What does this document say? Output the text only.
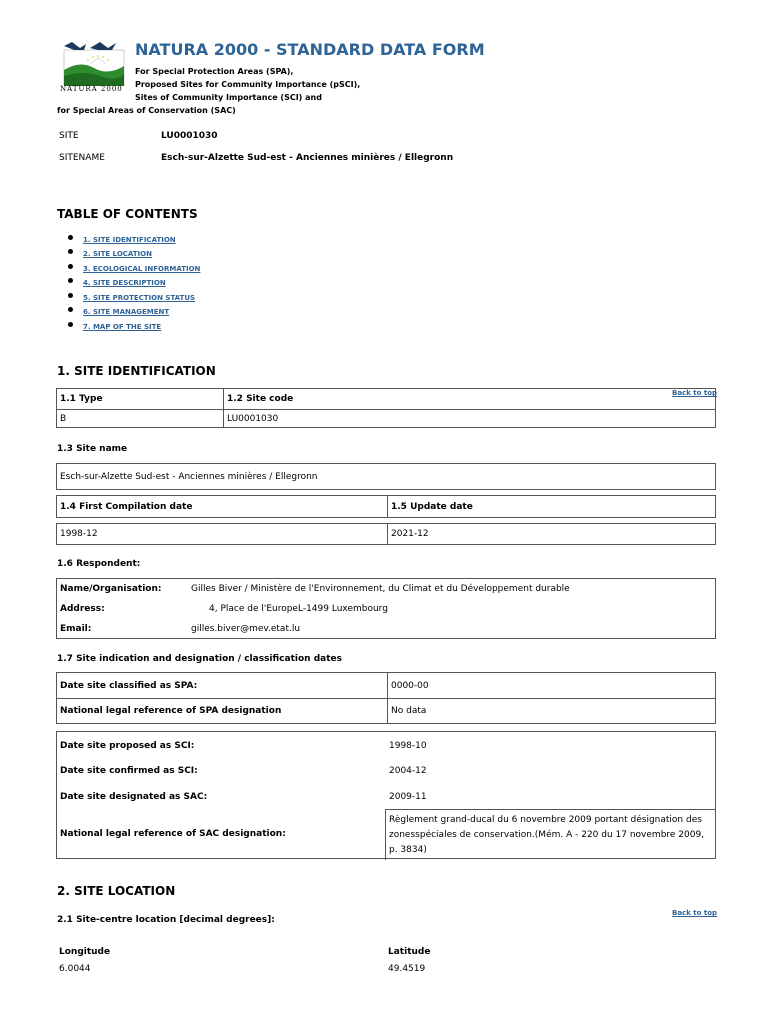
NATURA 2000
NATURA 2000 - STANDARD DATA FORM
For Special Protection Areas (SPA),
Proposed Sites for Community Importance (pSCI),
Sites of Community Importance (SCI) and
for Special Areas of Conservation (SAC)
SITE	LU0001030
SITENAME	Esch-sur-Alzette Sud-est - Anciennes minières / Ellegronn
TABLE OF CONTENTS
1. SITE IDENTIFICATION
2. SITE LOCATION
3. ECOLOGICAL INFORMATION
4. SITE DESCRIPTION
5. SITE PROTECTION STATUS
6. SITE MANAGEMENT
7. MAP OF THE SITE
1. SITE IDENTIFICATION
Back to top
1.1 Type	1.2 Site code
B	LU0001030
1.3 Site name
Esch-sur-Alzette Sud-est - Anciennes minières / Ellegronn
1.4 First Compilation date	1.5 Update date
1998-12	2021-12
1.6 Respondent:
Name/Organisation:	Gilles Biver / Ministère de l'Environnement, du Climat et du Développement durable
Address:	4, Place de l'EuropeL-1499 Luxembourg
Email:	gilles.biver@mev.etat.lu
1.7 Site indication and designation / classification dates
Date site classified as SPA:	0000-00
National legal reference of SPA designation	No data
Date site proposed as SCI:	1998-10
Date site confirmed as SCI:	2004-12
Date site designated as SAC:	2009-11
National legal reference of SAC designation:
Règlement grand-ducal du 6 novembre 2009 portant désignation des zonesspéciales de conservation.(Mém. A - 220 du 17 novembre 2009, p. 3834)
2. SITE LOCATION
Back to top
2.1 Site-centre location [decimal degrees]:
Longitude
6.0044
Latitude
49.4519
